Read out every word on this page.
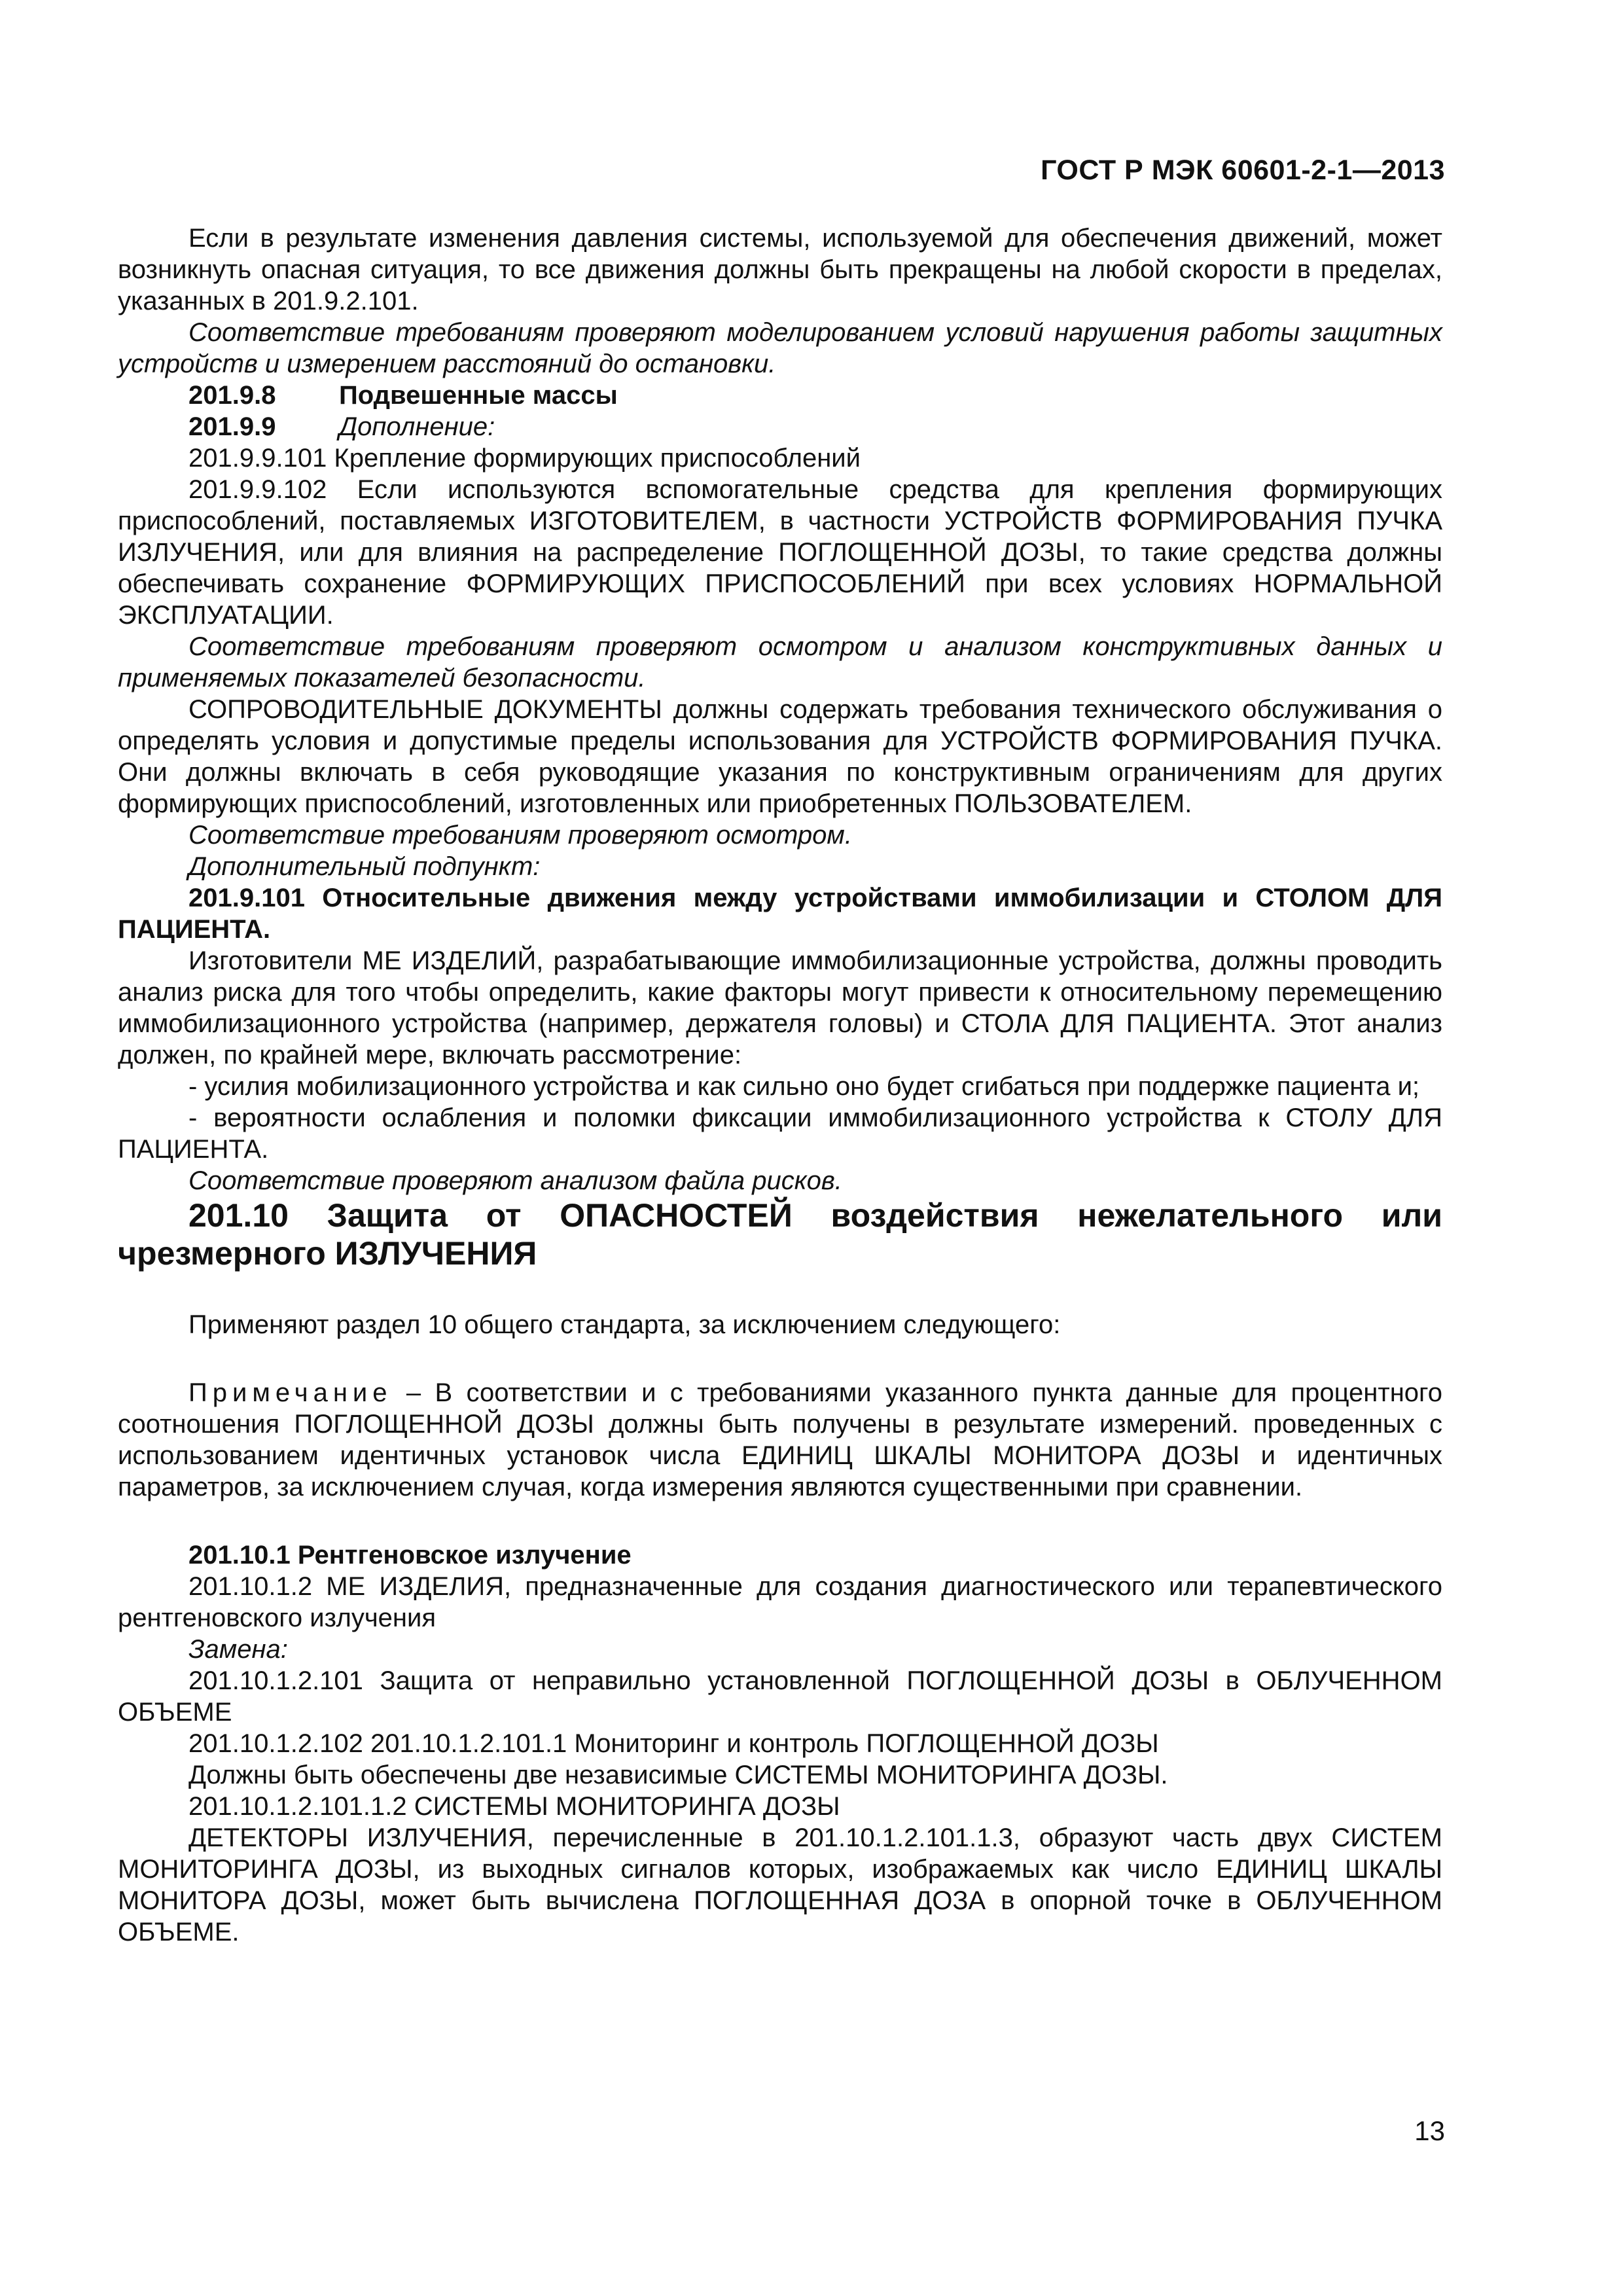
ГОСТ Р МЭК 60601-2-1—2013

Если в результате изменения давления системы, используемой для обеспечения движений, может возникнуть опасная ситуация, то все движения должны быть прекращены на любой скорости в пределах, указанных в 201.9.2.101.

Соответствие требованиям проверяют моделированием условий нарушения работы защитных устройств и измерением расстояний до остановки.

201.9.8 Подвешенные массы

201.9.9 Дополнение:

201.9.9.101 Крепление формирующих приспособлений

201.9.9.102 Если используются вспомогательные средства для крепления формирующих приспособлений, поставляемых ИЗГОТОВИТЕЛЕМ, в частности УСТРОЙСТВ ФОРМИРОВАНИЯ ПУЧКА ИЗЛУЧЕНИЯ, или для влияния на распределение ПОГЛОЩЕННОЙ ДОЗЫ, то такие средства должны обеспечивать сохранение ФОРМИРУЮЩИХ ПРИСПОСОБЛЕНИЙ при всех условиях НОРМАЛЬНОЙ ЭКСПЛУАТАЦИИ.

Соответствие требованиям проверяют осмотром и анализом конструктивных данных и применяемых показателей безопасности.

СОПРОВОДИТЕЛЬНЫЕ ДОКУМЕНТЫ должны содержать требования технического обслуживания о определять условия и допустимые пределы использования для УСТРОЙСТВ ФОРМИРОВАНИЯ ПУЧКА. Они должны включать в себя руководящие указания по конструктивным ограничениям для других формирующих приспособлений, изготовленных или приобретенных ПОЛЬЗОВАТЕЛЕМ.

Соответствие требованиям проверяют осмотром.

Дополнительный подпункт:

201.9.101 Относительные движения между устройствами иммобилизации и СТОЛОМ ДЛЯ ПАЦИЕНТА.

Изготовители МЕ ИЗДЕЛИЙ, разрабатывающие иммобилизационные устройства, должны проводить анализ риска для того чтобы определить, какие факторы могут привести к относительному перемещению иммобилизационного устройства (например, держателя головы) и СТОЛА ДЛЯ ПАЦИЕНТА. Этот анализ должен, по крайней мере, включать рассмотрение:

- усилия мобилизационного устройства и как сильно оно будет сгибаться при поддержке пациента и;

- вероятности ослабления и поломки фиксации иммобилизационного устройства к СТОЛУ ДЛЯ ПАЦИЕНТА.

Соответствие проверяют анализом файла рисков.

201.10 Защита от ОПАСНОСТЕЙ воздействия нежелательного или чрезмерного ИЗЛУЧЕНИЯ

Применяют раздел 10 общего стандарта, за исключением следующего:

Примечание – В соответствии и с требованиями указанного пункта данные для процентного соотношения ПОГЛОЩЕННОЙ ДОЗЫ должны быть получены в результате измерений. проведенных с использованием идентичных установок числа ЕДИНИЦ ШКАЛЫ МОНИТОРА ДОЗЫ и идентичных параметров, за исключением случая, когда измерения являются существенными при сравнении.

201.10.1 Рентгеновское излучение

201.10.1.2 МЕ ИЗДЕЛИЯ, предназначенные для создания диагностического или терапевтического рентгеновского излучения

Замена:

201.10.1.2.101 Защита от неправильно установленной ПОГЛОЩЕННОЙ ДОЗЫ в ОБЛУЧЕННОМ ОБЪЕМЕ

201.10.1.2.102 201.10.1.2.101.1 Мониторинг и контроль ПОГЛОЩЕННОЙ ДОЗЫ

Должны быть обеспечены две независимые СИСТЕМЫ МОНИТОРИНГА ДОЗЫ.

201.10.1.2.101.1.2 СИСТЕМЫ МОНИТОРИНГА ДОЗЫ

ДЕТЕКТОРЫ ИЗЛУЧЕНИЯ, перечисленные в 201.10.1.2.101.1.3, образуют часть двух СИСТЕМ МОНИТОРИНГА ДОЗЫ, из выходных сигналов которых, изображаемых как число ЕДИНИЦ ШКАЛЫ МОНИТОРА ДОЗЫ, может быть вычислена ПОГЛОЩЕННАЯ ДОЗА в опорной точке в ОБЛУЧЕННОМ ОБЪЕМЕ.

13
